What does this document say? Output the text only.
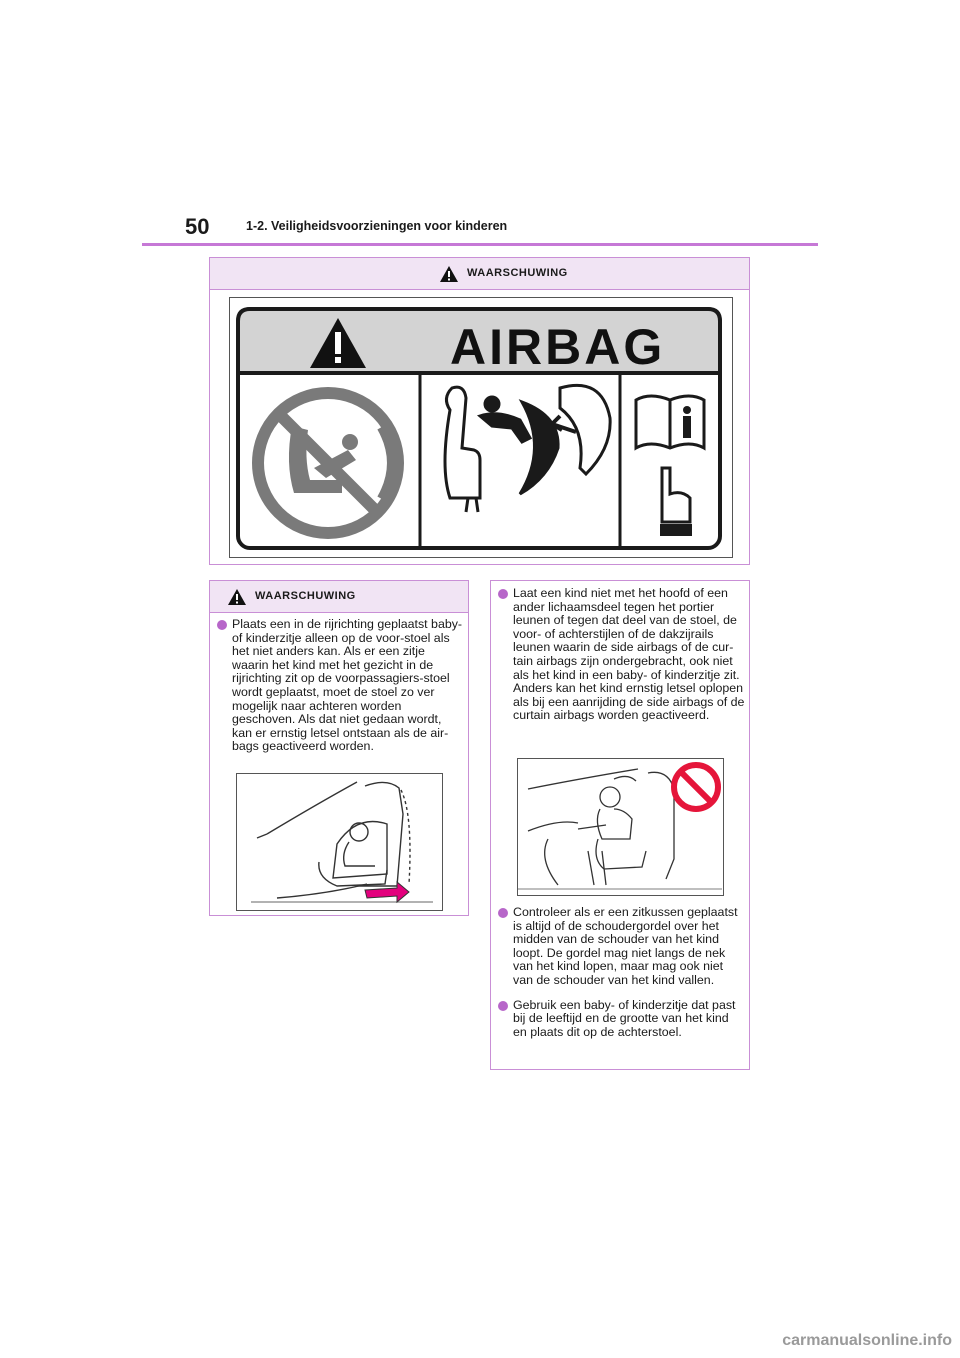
50	1-2. Veiligheidsvoorzieningen voor kinderen
WAARSCHUWING
AIRBAG
WAARSCHUWING

Plaats een in de rijrichting geplaatst baby- of kinderzitje alleen op de voor-stoel als het niet anders kan. Als er een zitje waarin het kind met het gezicht in de rijrichting zit op de voorpassagiers-stoel wordt geplaatst, moet de stoel zo ver mogelijk naar achteren worden geschoven. Als dat niet gedaan wordt, kan er ernstig letsel ontstaan als de air-bags geactiveerd worden.

Laat een kind niet met het hoofd of een ander lichaamsdeel tegen het portier leunen of tegen dat deel van de stoel, de voor- of achterstijlen of de dakzijrails leunen waarin de side airbags of de cur-tain airbags zijn ondergebracht, ook niet als het kind in een baby- of kinderzitje zit. Anders kan het kind ernstig letsel oplopen als bij een aanrijding de side airbags of de curtain airbags worden geactiveerd.

Controleer als er een zitkussen geplaatst is altijd of de schoudergordel over het midden van de schouder van het kind loopt. De gordel mag niet langs de nek van het kind lopen, maar mag ook niet van de schouder van het kind vallen.

Gebruik een baby- of kinderzitje dat past bij de leeftijd en de grootte van het kind en plaats dit op de achterstoel.

carmanualsonline.info
